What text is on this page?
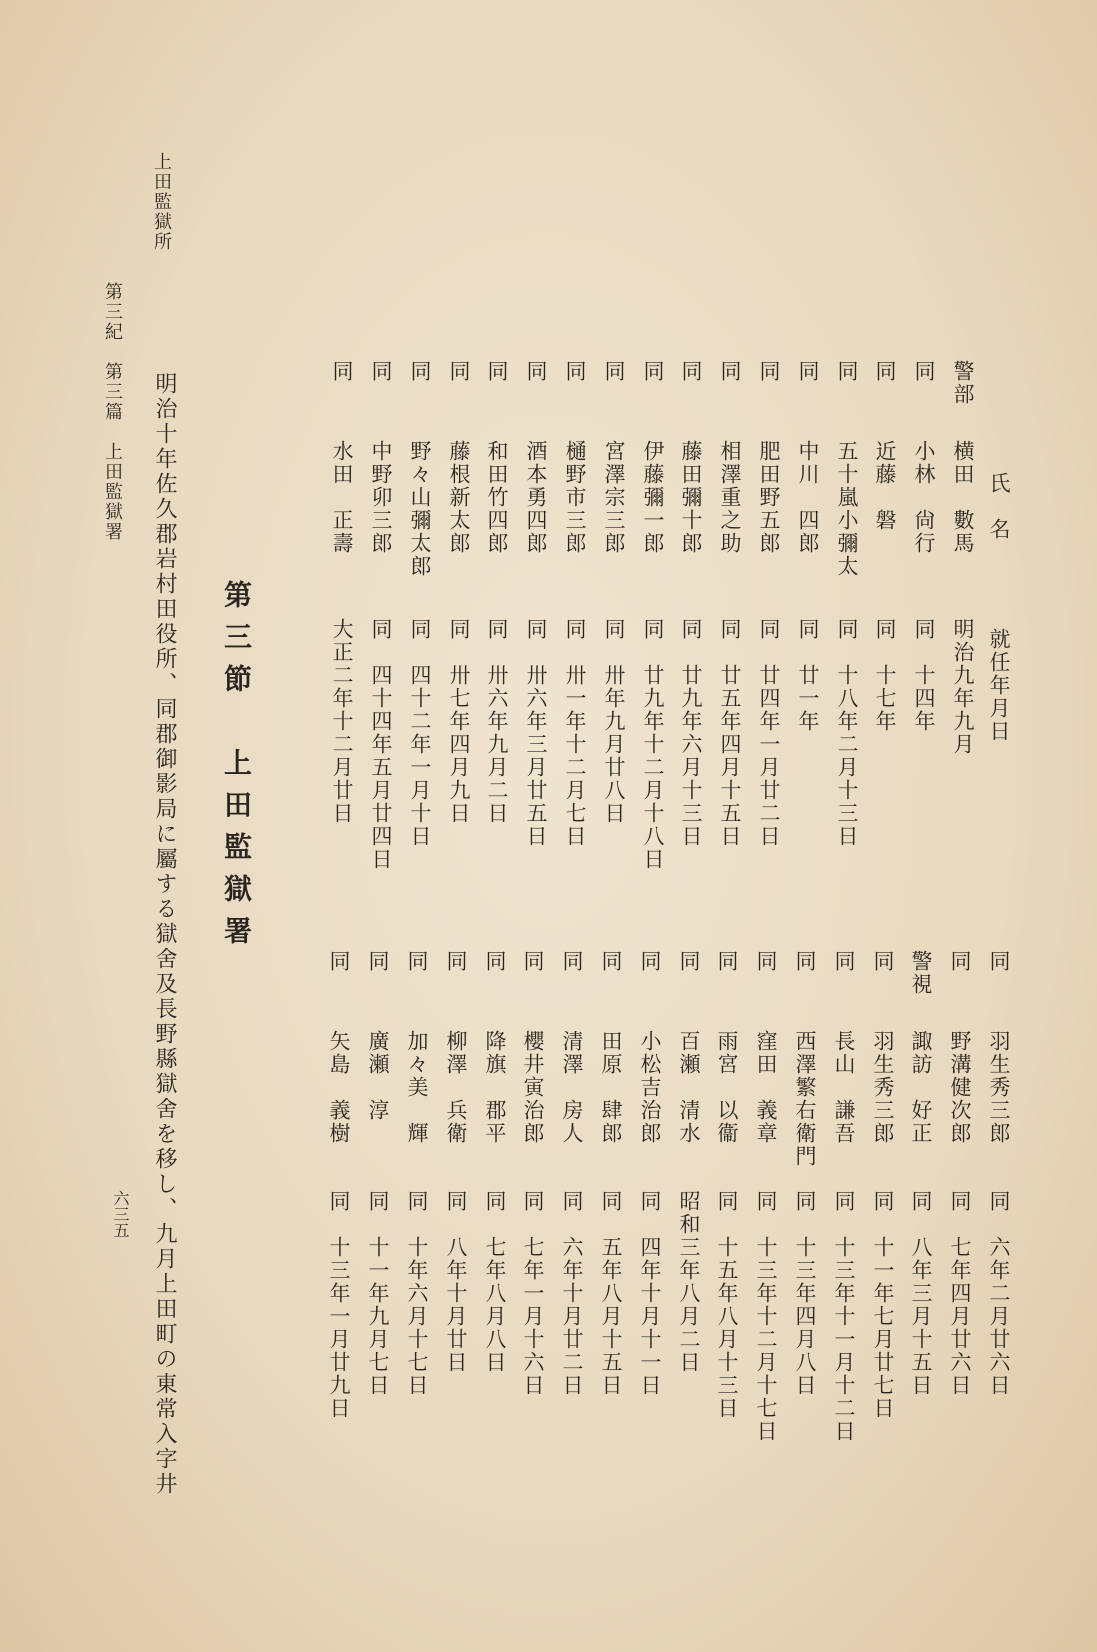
上田監獄所
第三紀　第三篇　上田監獄署
六三五
氏　名
就任年月日
警部
横田　數馬
明治九年九月
同
小林　尙行
同　十四年
同
近藤　磐
同　十七年
同
五十嵐小彌太
同　十八年二月十三日
同
中川　四郎
同　廿一年
同
肥田野五郎
同　廿四年一月廿二日
同
相澤重之助
同　廿五年四月十五日
同
藤田彌十郎
同　廿九年六月十三日
同
伊藤彌一郎
同　廿九年十二月十八日
同
宮澤宗三郎
同　卅年九月廿八日
同
樋野市三郎
同　卅一年十二月七日
同
酒本勇四郎
同　卅六年三月廿五日
同
和田竹四郎
同　卅六年九月二日
同
藤根新太郎
同　卅七年四月九日
同
野々山彌太郎
同　四十二年一月十日
同
中野卯三郎
同　四十四年五月廿四日
同
水田　正壽
大正二年十二月廿日
同
羽生秀三郎
同　六年二月廿六日
同
野溝健次郎
同　七年四月廿六日
警視
諏訪　好正
同　八年三月十五日
同
羽生秀三郎
同　十一年七月廿七日
同
長山　謙吾
同　十三年十一月十二日
同
西澤繁右衛門
同　十三年四月八日
同
窪田　義章
同　十三年十二月十七日
同
雨宮　以衞
同　十五年八月十三日
同
百瀬　清水
昭和三年八月二日
同
小松吉治郎
同　四年十月十一日
同
田原　肆郎
同　五年八月十五日
同
清澤　房人
同　六年十月廿二日
同
櫻井寅治郎
同　七年一月十六日
同
降旗　郡平
同　七年八月八日
同
柳澤　兵衛
同　八年十月廿日
同
加々美　輝
同　十年六月十七日
同
廣瀬　淳
同　十一年九月七日
同
矢島　義樹
同　十三年一月廿九日
第三節　上田監獄署
明治十年佐久郡岩村田役所、同郡御影局に屬する獄舍及長野縣獄舍を移し、九月上田町の東常入字井
